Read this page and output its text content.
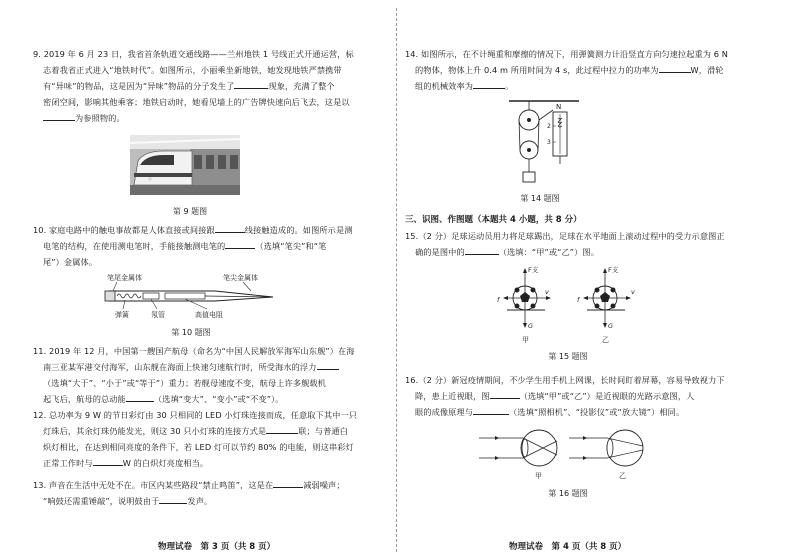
9. 2019 年 6 月 23 日，我省首条轨道交通线路——兰州地铁 1 号线正式开通运营，标
志着我省正式进入“地铁时代”。如图所示，小丽乘坐新地铁，她发现地铁严禁携带
有“异味”的物品，这是因为“异味”物品的分子发生了	现象，充满了整个
密闭空间，影响其他乘客；地铁启动时，她看见墙上的广告牌快速向后飞去，这是以
为参照物的。
第 9 题图
10. 家庭电路中的触电事故都是人体直接或间接跟	线接触造成的。如图所示是测
电笔的结构，在使用测电笔时，手能接触测电笔的	（选填“笔尖”和“笔
尾”）金属体。
笔尾金属体	笔尖金属体
弹簧	氖管	高值电阻
第 10 题图
11. 2019 年 12 月，中国第一艘国产航母（命名为“中国人民解放军海军山东舰”）在海
南三亚某军港交付海军，山东舰在海面上快速匀速航行时，所受海水的浮力
（选填“大于”、“小于”或“等于”）重力；若舰母速度不变，航母上许多舰载机
起飞后，航母的总动能	（选填“变大”、“变小”或“不变”）。
12. 总功率为 9 W 的节日彩灯由 30 只相同的 LED 小灯珠连接而成，任意取下其中一只
灯珠后，其余灯珠仍能发光，则这 30 只小灯珠的连接方式是	联；与普通白
炽灯相比，在达到相同亮度的条件下，若 LED 灯可以节约 80% 的电能，则这串彩灯
正常工作时与	W 的白炽灯亮度相当。
13. 声音在生活中无处不在。市区内某些路段“禁止鸣笛”，这是在	减弱噪声；
“响鼓还需重锤敲”，说明鼓由于	发声。
物理试卷　第 3 页（共 8 页）
14. 如图所示，在不计绳重和摩擦的情况下，用弹簧测力计沿竖直方向匀速拉起重为 6 N
的物体，物体上升 0.4 m 所用时间为 4 s，此过程中拉力的功率为	W，滑轮
组的机械效率为	。
N
2
3
第 14 题图
三、识图、作图题（本题共 4 小题，共 8 分）
15.（2 分）足球运动员用力将足球踢出，足球在水平地面上滚动过程中的受力示意图正
确的是图中的	（选填：“甲”或“乙”）图。
F支
v
f
G
甲
F支
v
f
G
乙
第 15 题图
16.（2 分）新冠疫情期间，不少学生用手机上网课，长时间盯着屏幕，容易导致视力下
降，患上近视眼，图	（选填“甲”或“乙”）是近视眼的光路示意图，人
眼的成像原理与	（选填“照相机”、“投影仪”或“放大镜”）相同。
甲	乙
第 16 题图
物理试卷　第 4 页（共 8 页）
